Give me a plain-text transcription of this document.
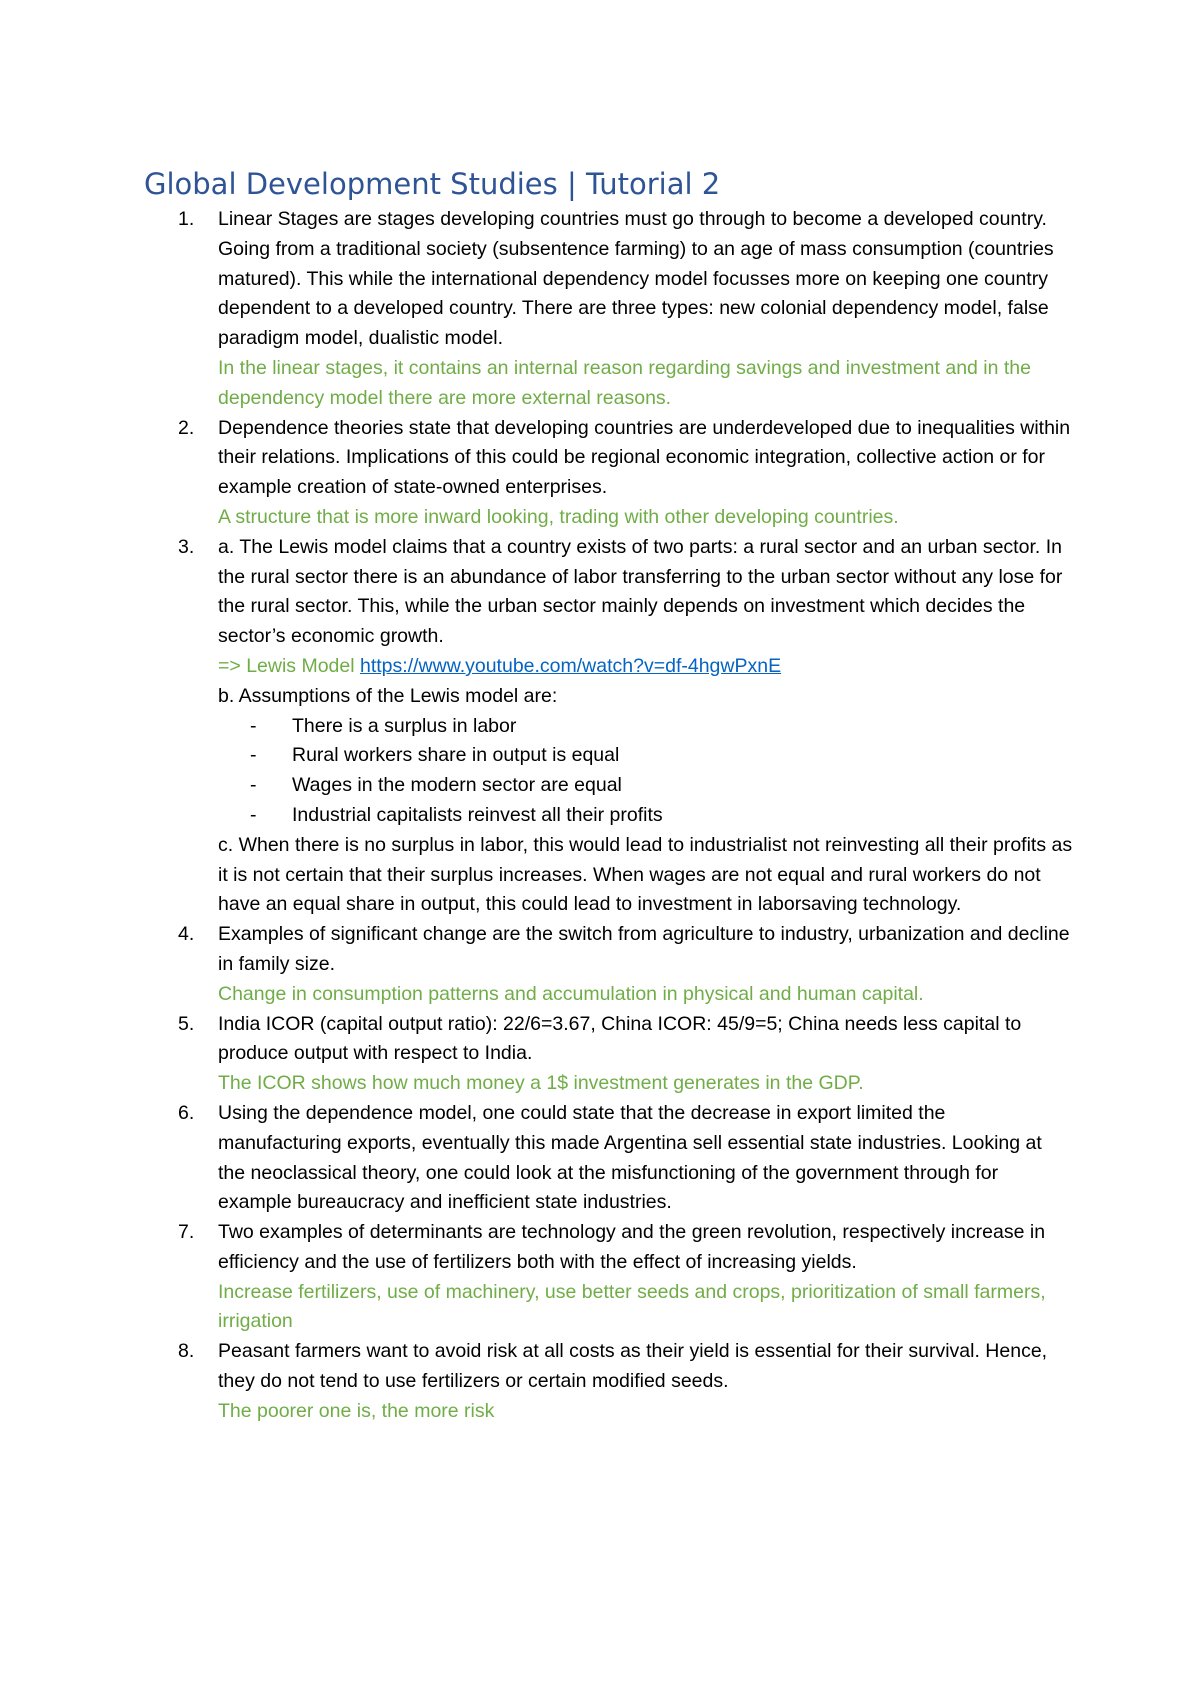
Global Development Studies | Tutorial 2
1. Linear Stages are stages developing countries must go through to become a developed country. Going from a traditional society (subsentence farming) to an age of mass consumption (countries matured). This while the international dependency model focusses more on keeping one country dependent to a developed country. There are three types: new colonial dependency model, false paradigm model, dualistic model.

In the linear stages, it contains an internal reason regarding savings and investment and in the dependency model there are more external reasons.

2. Dependence theories state that developing countries are underdeveloped due to inequalities within their relations. Implications of this could be regional economic integration, collective action or for example creation of state-owned enterprises.

A structure that is more inward looking, trading with other developing countries.

3. a. The Lewis model claims that a country exists of two parts: a rural sector and an urban sector. In the rural sector there is an abundance of labor transferring to the urban sector without any lose for the rural sector. This, while the urban sector mainly depends on investment which decides the sector’s economic growth.

=> Lewis Model https://www.youtube.com/watch?v=df-4hgwPxnE

b. Assumptions of the Lewis model are:

- There is a surplus in labor
- Rural workers share in output is equal
- Wages in the modern sector are equal
- Industrial capitalists reinvest all their profits

c. When there is no surplus in labor, this would lead to industrialist not reinvesting all their profits as it is not certain that their surplus increases. When wages are not equal and rural workers do not have an equal share in output, this could lead to investment in laborsaving technology.

4. Examples of significant change are the switch from agriculture to industry, urbanization and decline in family size.

Change in consumption patterns and accumulation in physical and human capital.

5. India ICOR (capital output ratio): 22/6=3.67, China ICOR: 45/9=5; China needs less capital to produce output with respect to India.

The ICOR shows how much money a 1$ investment generates in the GDP.

6. Using the dependence model, one could state that the decrease in export limited the manufacturing exports, eventually this made Argentina sell essential state industries. Looking at the neoclassical theory, one could look at the misfunctioning of the government through for example bureaucracy and inefficient state industries.

7. Two examples of determinants are technology and the green revolution, respectively increase in efficiency and the use of fertilizers both with the effect of increasing yields.

Increase fertilizers, use of machinery, use better seeds and crops, prioritization of small farmers, irrigation

8. Peasant farmers want to avoid risk at all costs as their yield is essential for their survival. Hence, they do not tend to use fertilizers or certain modified seeds.

The poorer one is, the more risk
